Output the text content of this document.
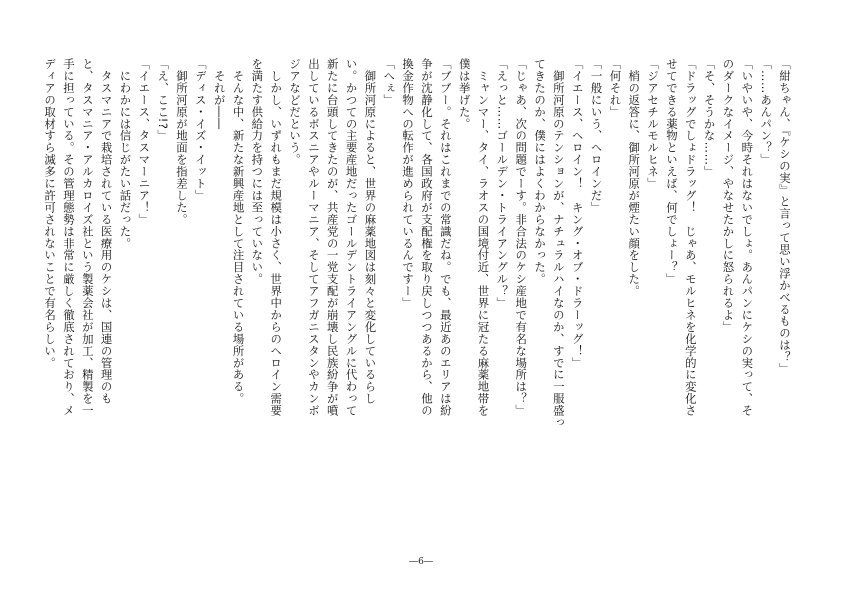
「紺ちゃん、『ケシの実』と言って思い浮かべるものは？」
「……あんパン？」
「いやいや、今時それはないでしょ。あんパンにケシの実って、そ
のダークなイメージ、やなせたかしに怒られるよ」
「そ、そうかな……」
「ドラッグでしょドラッグ！　じゃあ、モルヒネを化学的に変化さ
せてできる薬物といえば、何でしょー？」
「ジアセチルモルヒネ」
　梢の返答に、御所河原が煙たい顔をした。
「何それ」
「一般にいう、ヘロインだ」
「イエース、ヘロイン！　キング・オブ・ドラーッグ！」
　御所河原のテンションが、ナチュラルハイなのか、すでに一服盛っ
てきたのか、僕にはよくわからなかった。
「じゃあ、次の問題でーす。非合法のケシ産地で有名な場所は？」
「えっと……ゴールデン・トライアングル？」
　ミャンマー、タイ、ラオスの国境付近、世界に冠たる麻薬地帯を
僕は挙げた。
「ブブー。それはこれまでの常識だね。でも、最近あのエリアは紛
争が沈静化して、各国政府が支配権を取り戻しつつあるから、他の
換金作物への転作が進められているんですー」
「へぇ」
　御所河原によると、世界の麻薬地図は刻々と変化しているらし
い。かつての主要産地だったゴールデントライアングルに代わって
新たに台頭してきたのが、共産党の一党支配が崩壊し民族紛争が噴
出しているボスニアやルーマニア、そしてアフガニスタンやカンボ
ジアなどだという。
　しかし、いずれもまだ規模は小さく、世界中からのヘロイン需要
を満たす供給力を持つには至っていない。
　そんな中、新たな新興産地として注目されている場所がある。
　それが――
「ディス・イズ・イット」
　御所河原が地面を指差した。
「え、ここ!?」
「イエース、タスマーニア！」
　にわかには信じがたい話だった。
　タスマニアで栽培されている医療用のケシは、国連の管理のも
と、タスマニア・アルカロイズ社という製薬会社が加工、精製を一
手に担っている。その管理態勢は非常に厳しく徹底されており、メ
ディアの取材すら滅多に許可されないことで有名らしい。
―6―
